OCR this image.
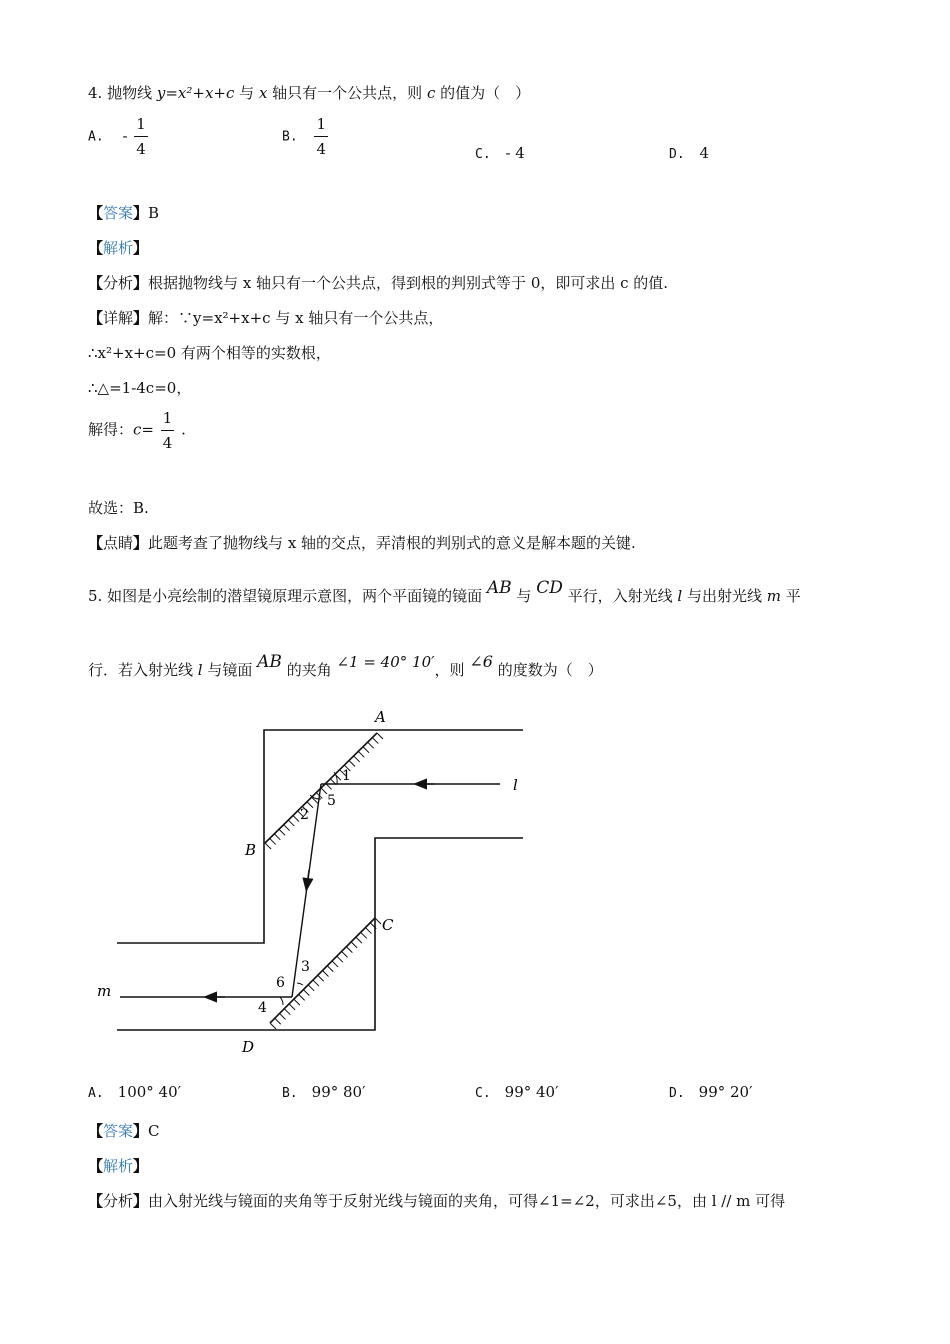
4. 抛物线 y=x²+x+c 与 x 轴只有一个公共点，则 c 的值为（　）
A. - $\frac{1}{4}$	B. $\frac{1}{4}$	C. - 4	D. 4
【答案】B
【解析】
【分析】根据抛物线与 x 轴只有一个公共点，得到根的判别式等于 0，即可求出 c 的值.
【详解】解：∵y=x²+x+c 与 x 轴只有一个公共点，
∴x²+x+c=0 有两个相等的实数根，
∴△=1-4c=0，
解得：$c= \frac{1}{4}$ .
故选：B.
【点睛】此题考查了抛物线与 x 轴的交点，弄清根的判别式的意义是解本题的关键.
5. 如图是小亮绘制的潜望镜原理示意图，两个平面镜的镜面 AB 与 CD 平行，入射光线 l 与出射光线 m 平
行．若入射光线 l 与镜面 AB 的夹角 ∠1 = 40° 10′，则 ∠6 的度数为（　）
A
B
C
D
l
m
1
2
3
4
5
6
A. 100° 40′	B. 99° 80′	C. 99° 40′	D. 99° 20′
【答案】C
【解析】
【分析】由入射光线与镜面的夹角等于反射光线与镜面的夹角，可得∠1=∠2，可求出∠5，由 l // m 可得
